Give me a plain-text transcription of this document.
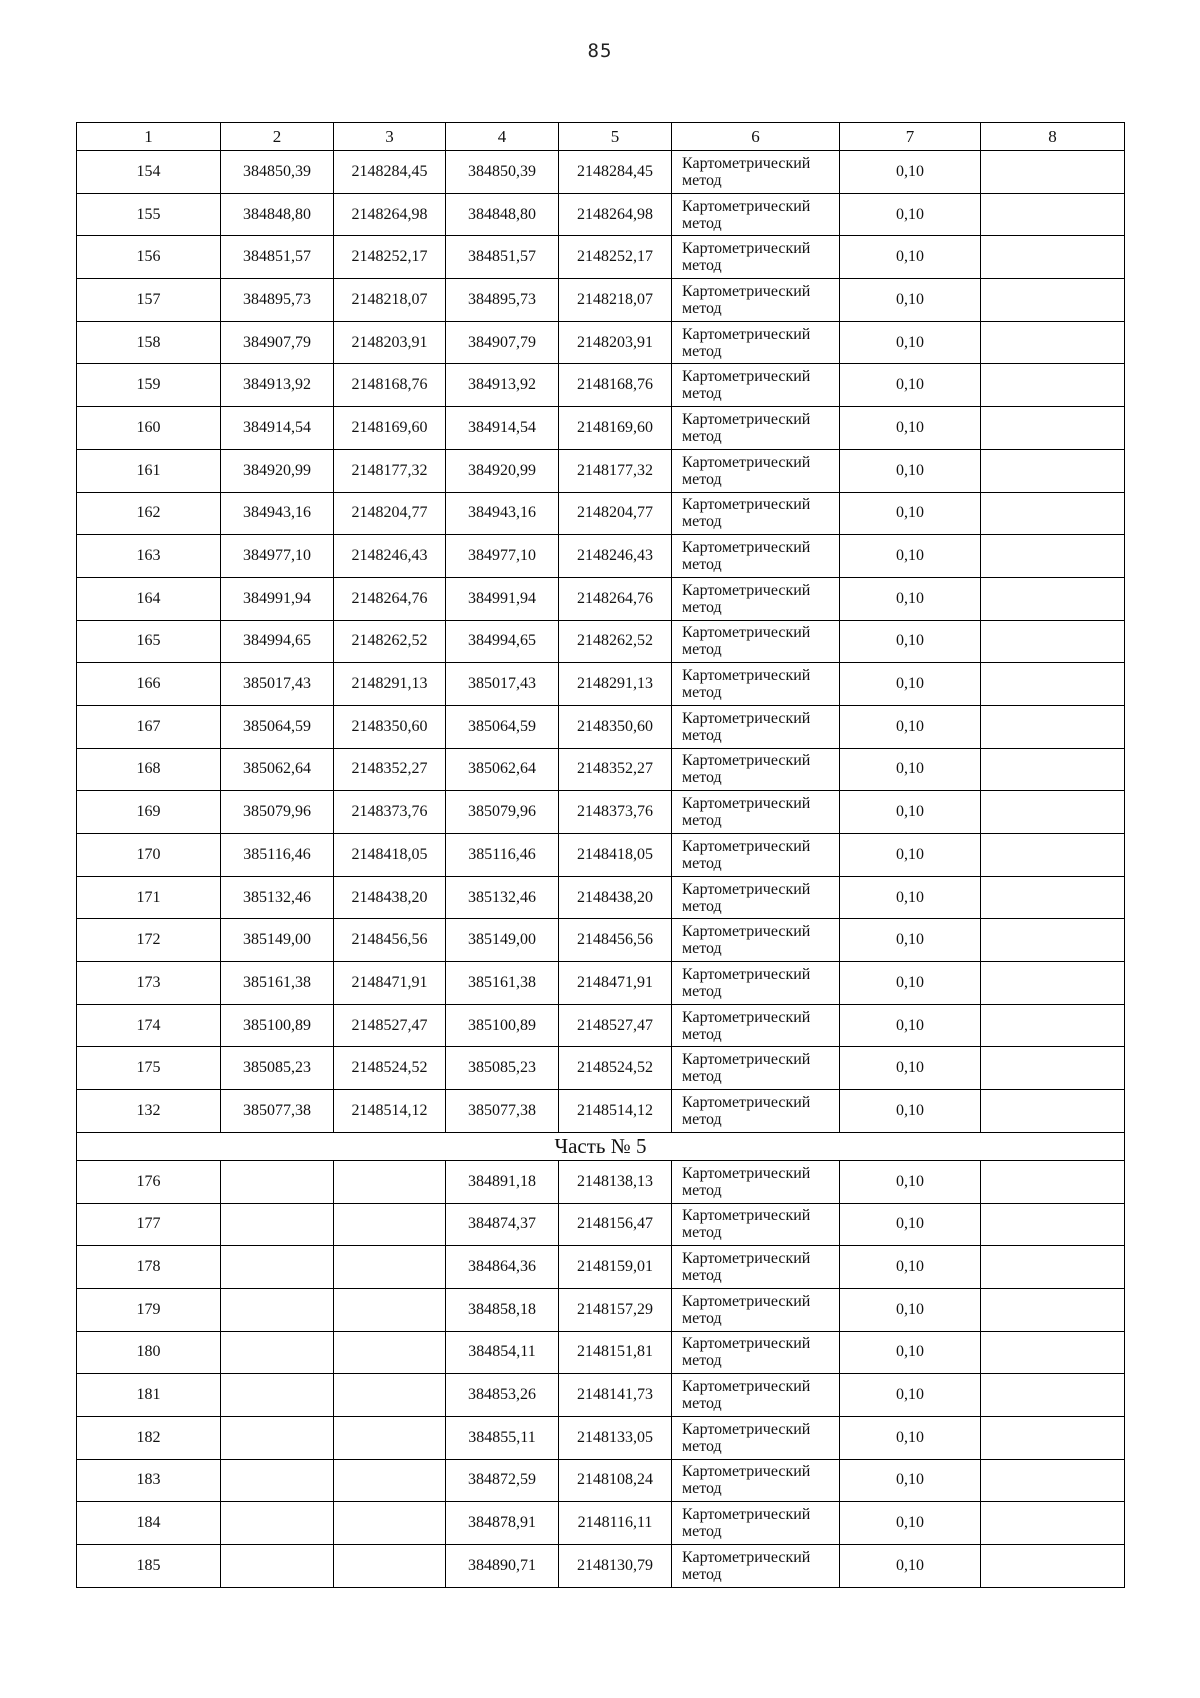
85
1	2	3	4	5	6	7	8
154	384850,39	2148284,45	384850,39	2148284,45	Картометрический метод	0,10	
155	384848,80	2148264,98	384848,80	2148264,98	Картометрический метод	0,10	
156	384851,57	2148252,17	384851,57	2148252,17	Картометрический метод	0,10	
157	384895,73	2148218,07	384895,73	2148218,07	Картометрический метод	0,10	
158	384907,79	2148203,91	384907,79	2148203,91	Картометрический метод	0,10	
159	384913,92	2148168,76	384913,92	2148168,76	Картометрический метод	0,10	
160	384914,54	2148169,60	384914,54	2148169,60	Картометрический метод	0,10	
161	384920,99	2148177,32	384920,99	2148177,32	Картометрический метод	0,10	
162	384943,16	2148204,77	384943,16	2148204,77	Картометрический метод	0,10	
163	384977,10	2148246,43	384977,10	2148246,43	Картометрический метод	0,10	
164	384991,94	2148264,76	384991,94	2148264,76	Картометрический метод	0,10	
165	384994,65	2148262,52	384994,65	2148262,52	Картометрический метод	0,10	
166	385017,43	2148291,13	385017,43	2148291,13	Картометрический метод	0,10	
167	385064,59	2148350,60	385064,59	2148350,60	Картометрический метод	0,10	
168	385062,64	2148352,27	385062,64	2148352,27	Картометрический метод	0,10	
169	385079,96	2148373,76	385079,96	2148373,76	Картометрический метод	0,10	
170	385116,46	2148418,05	385116,46	2148418,05	Картометрический метод	0,10	
171	385132,46	2148438,20	385132,46	2148438,20	Картометрический метод	0,10	
172	385149,00	2148456,56	385149,00	2148456,56	Картометрический метод	0,10	
173	385161,38	2148471,91	385161,38	2148471,91	Картометрический метод	0,10	
174	385100,89	2148527,47	385100,89	2148527,47	Картометрический метод	0,10	
175	385085,23	2148524,52	385085,23	2148524,52	Картометрический метод	0,10	
132	385077,38	2148514,12	385077,38	2148514,12	Картометрический метод	0,10	
Часть № 5							
176			384891,18	2148138,13	Картометрический метод	0,10	
177			384874,37	2148156,47	Картометрический метод	0,10	
178			384864,36	2148159,01	Картометрический метод	0,10	
179			384858,18	2148157,29	Картометрический метод	0,10	
180			384854,11	2148151,81	Картометрический метод	0,10	
181			384853,26	2148141,73	Картометрический метод	0,10	
182			384855,11	2148133,05	Картометрический метод	0,10	
183			384872,59	2148108,24	Картометрический метод	0,10	
184			384878,91	2148116,11	Картометрический метод	0,10	
185			384890,71	2148130,79	Картометрический метод	0,10	
